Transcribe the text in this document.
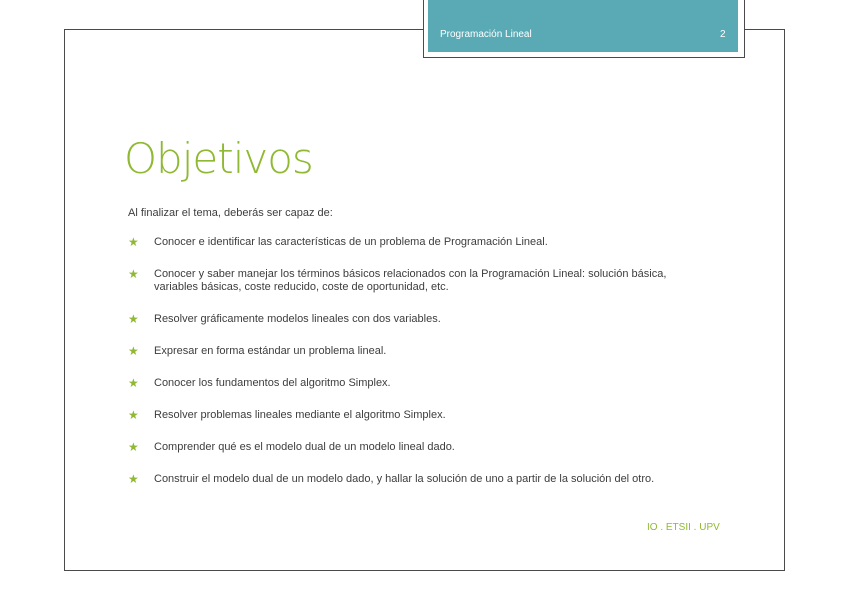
Programación Lineal	2
Objetivos
Al finalizar el tema, deberás ser capaz de:
★ Conocer e identificar las características de un problema de Programación Lineal.
★ Conocer y saber manejar los términos básicos relacionados con la Programación Lineal: solución básica, variables básicas, coste reducido, coste de oportunidad, etc.
★ Resolver gráficamente modelos lineales con dos variables.
★ Expresar en forma estándar un problema lineal.
★ Conocer los fundamentos del algoritmo Simplex.
★ Resolver problemas lineales mediante el algoritmo Simplex.
★ Comprender qué es el modelo dual de un modelo lineal dado.
★ Construir el modelo dual de un modelo dado, y hallar la solución de uno a partir de la solución del otro.
IO . ETSII . UPV
